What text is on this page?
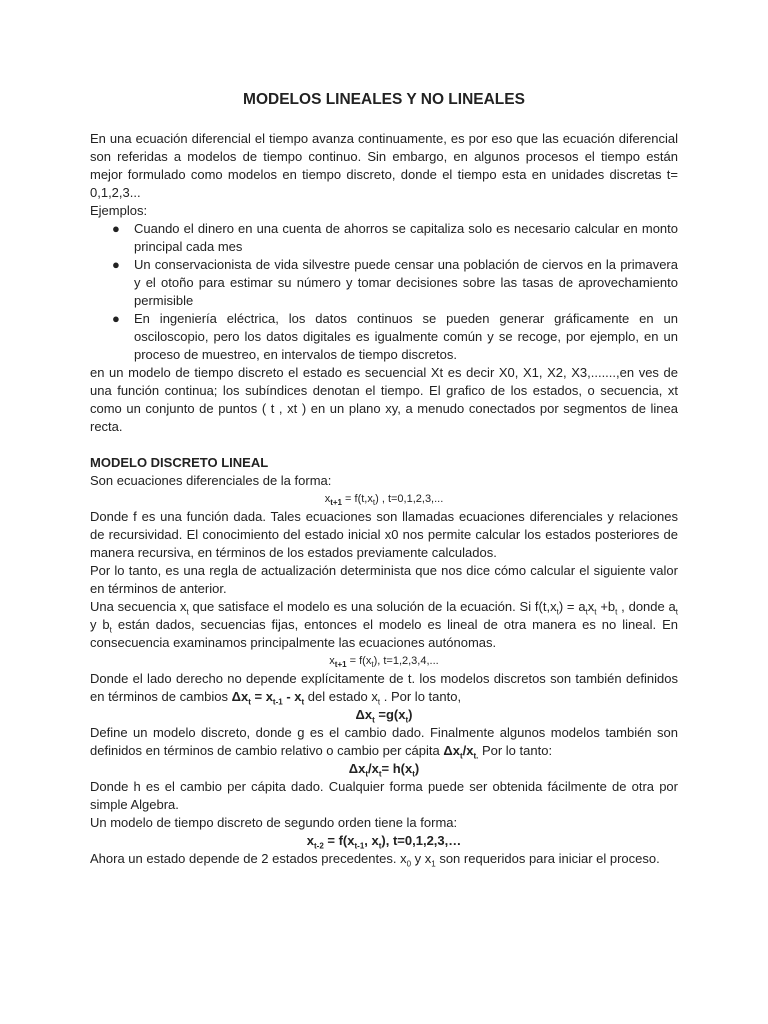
MODELOS LINEALES Y NO LINEALES

En una ecuación diferencial el tiempo avanza continuamente, es por eso que las ecuación diferencial son referidas a modelos de tiempo continuo. Sin embargo, en algunos procesos el tiempo están mejor formulado como modelos en tiempo discreto, donde el tiempo esta en unidades discretas t= 0,1,2,3...

Ejemplos:

● Cuando el dinero en una cuenta de ahorros se capitaliza solo es necesario calcular en monto principal cada mes
● Un conservacionista de vida silvestre puede censar una población de ciervos en la primavera y el otoño para estimar su número y tomar decisiones sobre las tasas de aprovechamiento permisible
● En ingeniería eléctrica, los datos continuos se pueden generar gráficamente en un osciloscopio, pero los datos digitales es igualmente común y se recoge, por ejemplo, en un proceso de muestreo, en intervalos de tiempo discretos.

en un modelo de tiempo discreto el estado es secuencial Xt es decir X0, X1, X2, X3,.......,en ves de una función continua; los subíndices denotan el tiempo. El grafico de los estados, o secuencia, xt como un conjunto de puntos ( t , xt ) en un plano xy, a menudo conectados por segmentos de linea recta.

MODELO DISCRETO LINEAL

Son ecuaciones diferenciales de la forma:

$x_{t+1} = f(t,x_t)$ , t=0,1,2,3,...

Donde f es una función dada. Tales ecuaciones son llamadas ecuaciones diferenciales y relaciones de recursividad. El conocimiento del estado inicial x0 nos permite calcular los estados posteriores de manera recursiva, en términos de los estados previamente calculados.

Por lo tanto, es una regla de actualización determinista que nos dice cómo calcular el siguiente valor en términos de anterior.

Una secuencia $x_t$ que satisface el modelo es una solución de la ecuación. Si $f(t,x_t) = a_tx_t +b_t$ , donde $a_t$ y $b_t$ están dados, secuencias fijas, entonces el modelo es lineal de otra manera es no lineal. En consecuencia examinamos principalmente las ecuaciones autónomas.

$x_{t+1} = f(x_t)$, t=1,2,3,4,...

Donde el lado derecho no depende explícitamente de t. los modelos discretos son también definidos en términos de cambios $\Delta x_t = x_{t-1} - x_t$ del estado $x_t$ . Por lo tanto,

$\Delta x_t =g(x_t)$

Define un modelo discreto, donde g es el cambio dado. Finalmente algunos modelos también son definidos en términos de cambio relativo o cambio per cápita $\Delta x_t/x_{t.}$ Por lo tanto:

$\Delta x_t/x_t= h(x_t)$

Donde h es el cambio per cápita dado. Cualquier forma puede ser obtenida fácilmente de otra por simple Algebra.

Un modelo de tiempo discreto de segundo orden tiene la forma:

$x_{t-2} = f(x_{t-1}$, $x_t$), t=0,1,2,3,…

Ahora un estado depende de 2 estados precedentes. $x_0$ y $x_1$ son requeridos para iniciar el proceso.
